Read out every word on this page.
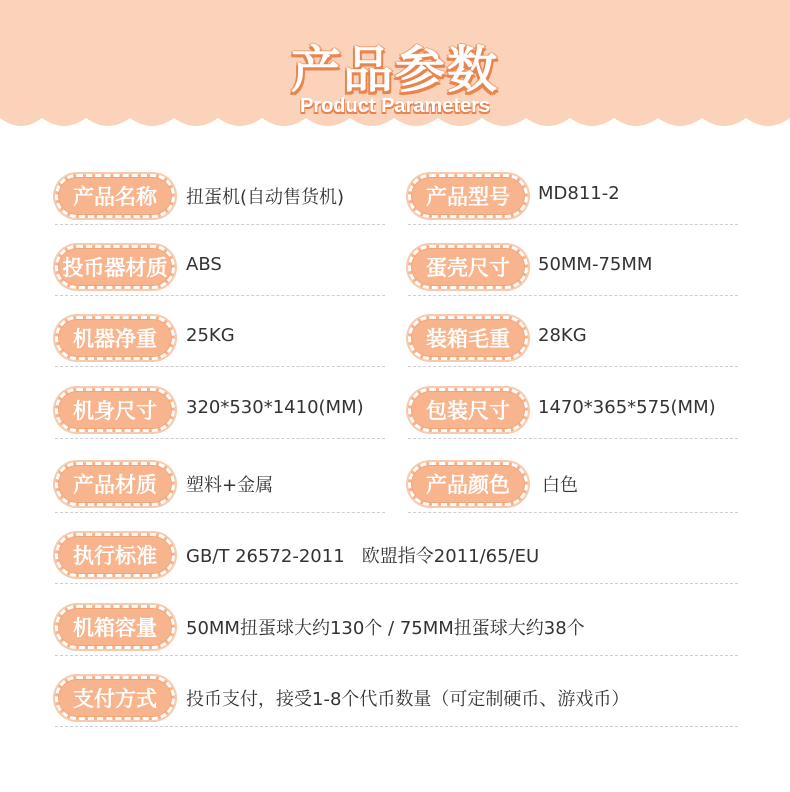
产品参数
Product Parameters
产品名称	扭蛋机(自动售货机)	产品型号	MD811-2
投币器材质	ABS	蛋壳尺寸	50MM-75MM
机器净重	25KG	装箱毛重	28KG
机身尺寸	320*530*1410(MM)	包装尺寸	1470*365*575(MM)
产品材质	塑料+金属	产品颜色	白色
执行标准	GB/T 26572-2011   欧盟指令2011/65/EU
机箱容量	50MM扭蛋球大约130个 / 75MM扭蛋球大约38个
支付方式	投币支付，接受1-8个代币数量（可定制硬币、游戏币）
